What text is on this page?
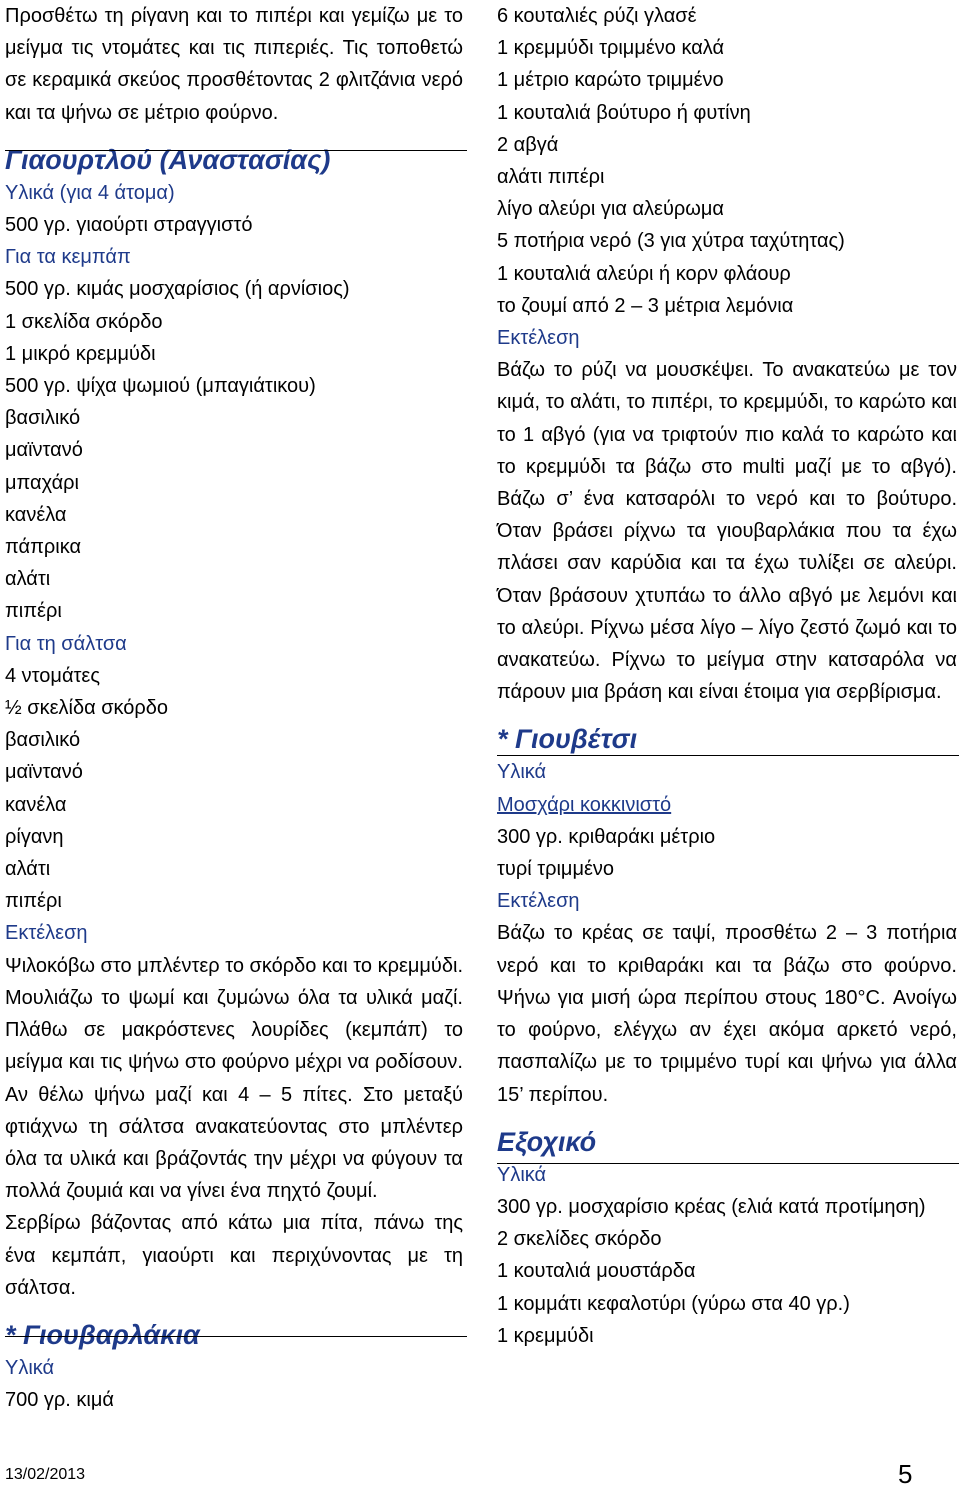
Προσθέτω τη ρίγανη και το πιπέρι και γεμίζω με το μείγμα τις ντομάτες και τις πιπεριές. Τις τοποθετώ σε κεραμικά σκεύος προσθέτοντας 2 φλιτζάνια νερό και τα ψήνω σε μέτριο φούρνο.

Γιαουρτλού (Αναστασίας)
Υλικά (για 4 άτομα)
500 γρ. γιαούρτι στραγγιστό
Για τα κεμπάπ
500 γρ. κιμάς μοσχαρίσιος (ή αρνίσιος)
1 σκελίδα σκόρδο
1 μικρό κρεμμύδι
500 γρ. ψίχα ψωμιού (μπαγιάτικου)
βασιλικό
μαϊντανό
μπαχάρι
κανέλα
πάπρικα
αλάτι
πιπέρι
Για τη σάλτσα
4 ντομάτες
½ σκελίδα σκόρδο
βασιλικό
μαϊντανό
κανέλα
ρίγανη
αλάτι
πιπέρι
Εκτέλεση

Ψιλοκόβω στο μπλέντερ το σκόρδο και το κρεμμύδι. Μουλιάζω το ψωμί και ζυμώνω όλα τα υλικά μαζί. Πλάθω σε μακρόστενες λουρίδες (κεμπάπ) το μείγμα και τις ψήνω στο φούρνο μέχρι να ροδίσουν. Αν θέλω ψήνω μαζί και 4 – 5 πίτες. Στο μεταξύ φτιάχνω τη σάλτσα ανακατεύοντας στο μπλέντερ όλα τα υλικά και βράζοντάς την μέχρι να φύγουν τα πολλά ζουμιά και να γίνει ένα πηχτό ζουμί.

Σερβίρω βάζοντας από κάτω μια πίτα, πάνω της ένα κεμπάπ, γιαούρτι και περιχύνοντας με τη σάλτσα.

* Γιουβαρλάκια
Υλικά
700 γρ. κιμά
6 κουταλιές ρύζι γλασέ
1 κρεμμύδι τριμμένο καλά
1 μέτριο καρώτο τριμμένο
1 κουταλιά βούτυρο ή φυτίνη
2 αβγά
αλάτι πιπέρι
λίγο αλεύρι για αλεύρωμα
5 ποτήρια νερό (3 για χύτρα ταχύτητας)
1 κουταλιά αλεύρι ή κορν φλάουρ
το ζουμί από 2 – 3 μέτρια λεμόνια
Εκτέλεση

Βάζω το ρύζι να μουσκέψει. Το ανακατεύω με τον κιμά, το αλάτι, το πιπέρι, το κρεμμύδι, το καρώτο και το 1 αβγό (για να τριφτούν πιο καλά το καρώτο και το κρεμμύδι τα βάζω στο multi μαζί με το αβγό). Βάζω σ’ ένα κατσαρόλι το νερό και το βούτυρο. Όταν βράσει ρίχνω τα γιουβαρλάκια που τα έχω πλάσει σαν καρύδια και τα έχω τυλίξει σε αλεύρι. Όταν βράσουν χτυπάω το άλλο αβγό με λεμόνι και το αλεύρι. Ρίχνω μέσα λίγο – λίγο ζεστό ζωμό και το ανακατεύω. Ρίχνω το μείγμα στην κατσαρόλα να πάρουν μια βράση και είναι έτοιμα για σερβίρισμα.

* Γιουβέτσι
Υλικά
Μοσχάρι κοκκινιστό
300 γρ. κριθαράκι μέτριο
τυρί τριμμένο
Εκτέλεση

Βάζω το κρέας σε ταψί, προσθέτω 2 – 3 ποτήρια νερό και το κριθαράκι και τα βάζω στο φούρνο. Ψήνω για μισή ώρα περίπου στους 180°C. Ανοίγω το φούρνο, ελέγχω αν έχει ακόμα αρκετό νερό, πασπαλίζω με το τριμμένο τυρί και ψήνω για άλλα 15’ περίπου.

Εξοχικό
Υλικά

300 γρ. μοσχαρίσιο κρέας (ελιά κατά προτίμηση)

2 σκελίδες σκόρδο
1 κουταλιά μουστάρδα
1 κομμάτι κεφαλοτύρι (γύρω στα 40 γρ.)
1 κρεμμύδι
13/02/2013	5
